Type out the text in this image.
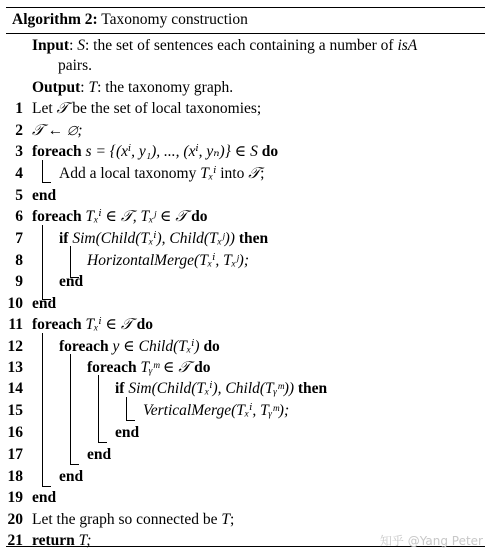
Algorithm 2: Taxonomy construction
Input: S: the set of sentences each containing a number of isA
pairs.
Output: T: the taxonomy graph.
1 Let 𝒯 be the set of local taxonomies;
2 𝒯 ← ∅;
3 foreach s = {(xⁱ, y₁), ..., (xⁱ, yₙ)} ∈ S do
4 Add a local taxonomy Tₓⁱ into 𝒯;
5 end
6 foreach Tₓⁱ ∈ 𝒯, Tₓʲ ∈ 𝒯 do
7 if Sim(Child(Tₓⁱ), Child(Tₓʲ)) then
8	HorizontalMerge(Tₓⁱ, Tₓʲ);
9 end
10 end
11 foreach Tₓⁱ ∈ 𝒯 do
12 foreach y ∈ Child(Tₓⁱ) do
13	foreach Tᵧᵐ ∈ 𝒯 do
14	if Sim(Child(Tₓⁱ), Child(Tᵧᵐ)) then
15	VerticalMerge(Tₓⁱ, Tᵧᵐ);
16	end
17	end
18 end
19 end
20 Let the graph so connected be T;
21 return T;	知乎 @Yang Peter
